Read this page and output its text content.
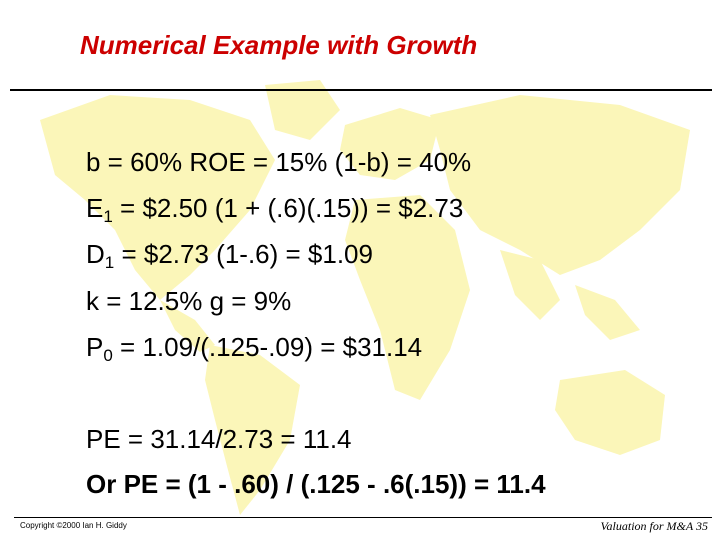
Numerical Example with Growth
b = 60% ROE = 15% (1-b) = 40%
$E_1$ = $2.50 (1 + (.6)(.15)) = $2.73
$D_1$ = $2.73 (1-.6) = $1.09
k = 12.5% g = 9%
$P_0 = 1.09/(.125-.09)$ = $31.14
PE = 31.14/2.73 = 11.4
Or PE = (1 - .60) / (.125 - .6(.15)) = 11.4
Copyright ©2000 Ian H. Giddy	Valuation for M&A 35
